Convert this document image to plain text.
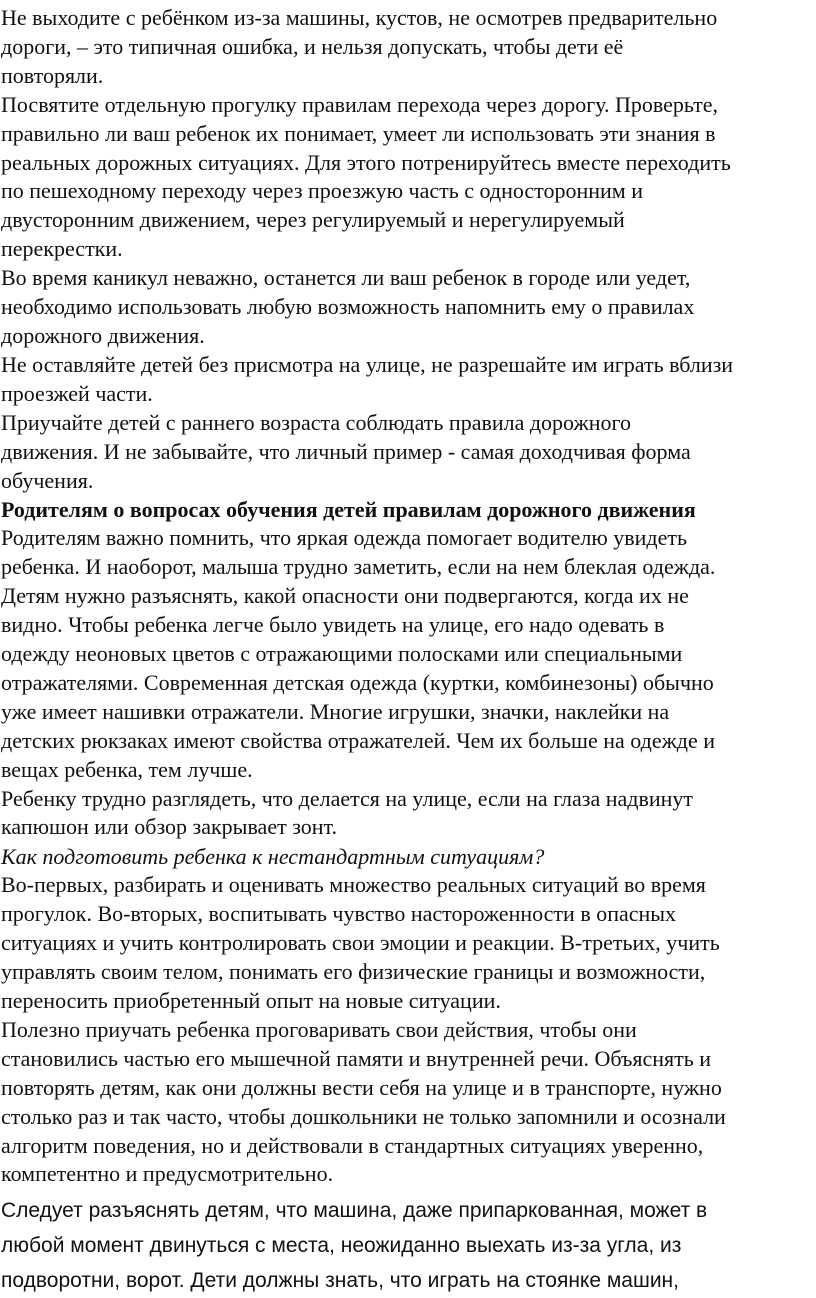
Не выходите с ребёнком из-за машины, кустов, не осмотрев предварительно
дороги, – это типичная ошибка, и нельзя допускать, чтобы дети её
повторяли.
Посвятите отдельную прогулку правилам перехода через дорогу. Проверьте,
правильно ли ваш ребенок их понимает, умеет ли использовать эти знания в
реальных дорожных ситуациях. Для этого потренируйтесь вместе переходить
по пешеходному переходу через проезжую часть с односторонним и
двусторонним движением, через регулируемый и нерегулируемый
перекрестки.
Во время каникул неважно, останется ли ваш ребенок в городе или уедет,
необходимо использовать любую возможность напомнить ему о правилах
дорожного движения.
Не оставляйте детей без присмотра на улице, не разрешайте им играть вблизи
проезжей части.
Приучайте детей с раннего возраста соблюдать правила дорожного
движения. И не забывайте, что личный пример - самая доходчивая форма
обучения.
Родителям о вопросах обучения детей правилам дорожного движения
Родителям важно помнить, что яркая одежда помогает водителю увидеть
ребенка. И наоборот, малыша трудно заметить, если на нем блеклая одежда.
Детям нужно разъяснять, какой опасности они подвергаются, когда их не
видно. Чтобы ребенка легче было увидеть на улице, его надо одевать в
одежду неоновых цветов с отражающими полосками или специальными
отражателями. Современная детская одежда (куртки, комбинезоны) обычно
уже имеет нашивки отражатели. Многие игрушки, значки, наклейки на
детских рюкзаках имеют свойства отражателей. Чем их больше на одежде и
вещах ребенка, тем лучше.
Ребенку трудно разглядеть, что делается на улице, если на глаза надвинут
капюшон или обзор закрывает зонт.
Как подготовить ребенка к нестандартным ситуациям?
Во-первых, разбирать и оценивать множество реальных ситуаций во время
прогулок. Во-вторых, воспитывать чувство настороженности в опасных
ситуациях и учить контролировать свои эмоции и реакции. В-третьих, учить
управлять своим телом, понимать его физические границы и возможности,
переносить приобретенный опыт на новые ситуации.
Полезно приучать ребенка проговаривать свои действия, чтобы они
становились частью его мышечной памяти и внутренней речи. Объяснять и
повторять детям, как они должны вести себя на улице и в транспорте, нужно
столько раз и так часто, чтобы дошкольники не только запомнили и осознали
алгоритм поведения, но и действовали в стандартных ситуациях уверенно,
компетентно и предусмотрительно.
Следует разъяснять детям, что машина, даже припаркованная, может в
любой момент двинуться с места, неожиданно выехать из-за угла, из
подворотни, ворот. Дети должны знать, что играть на стоянке машин,
